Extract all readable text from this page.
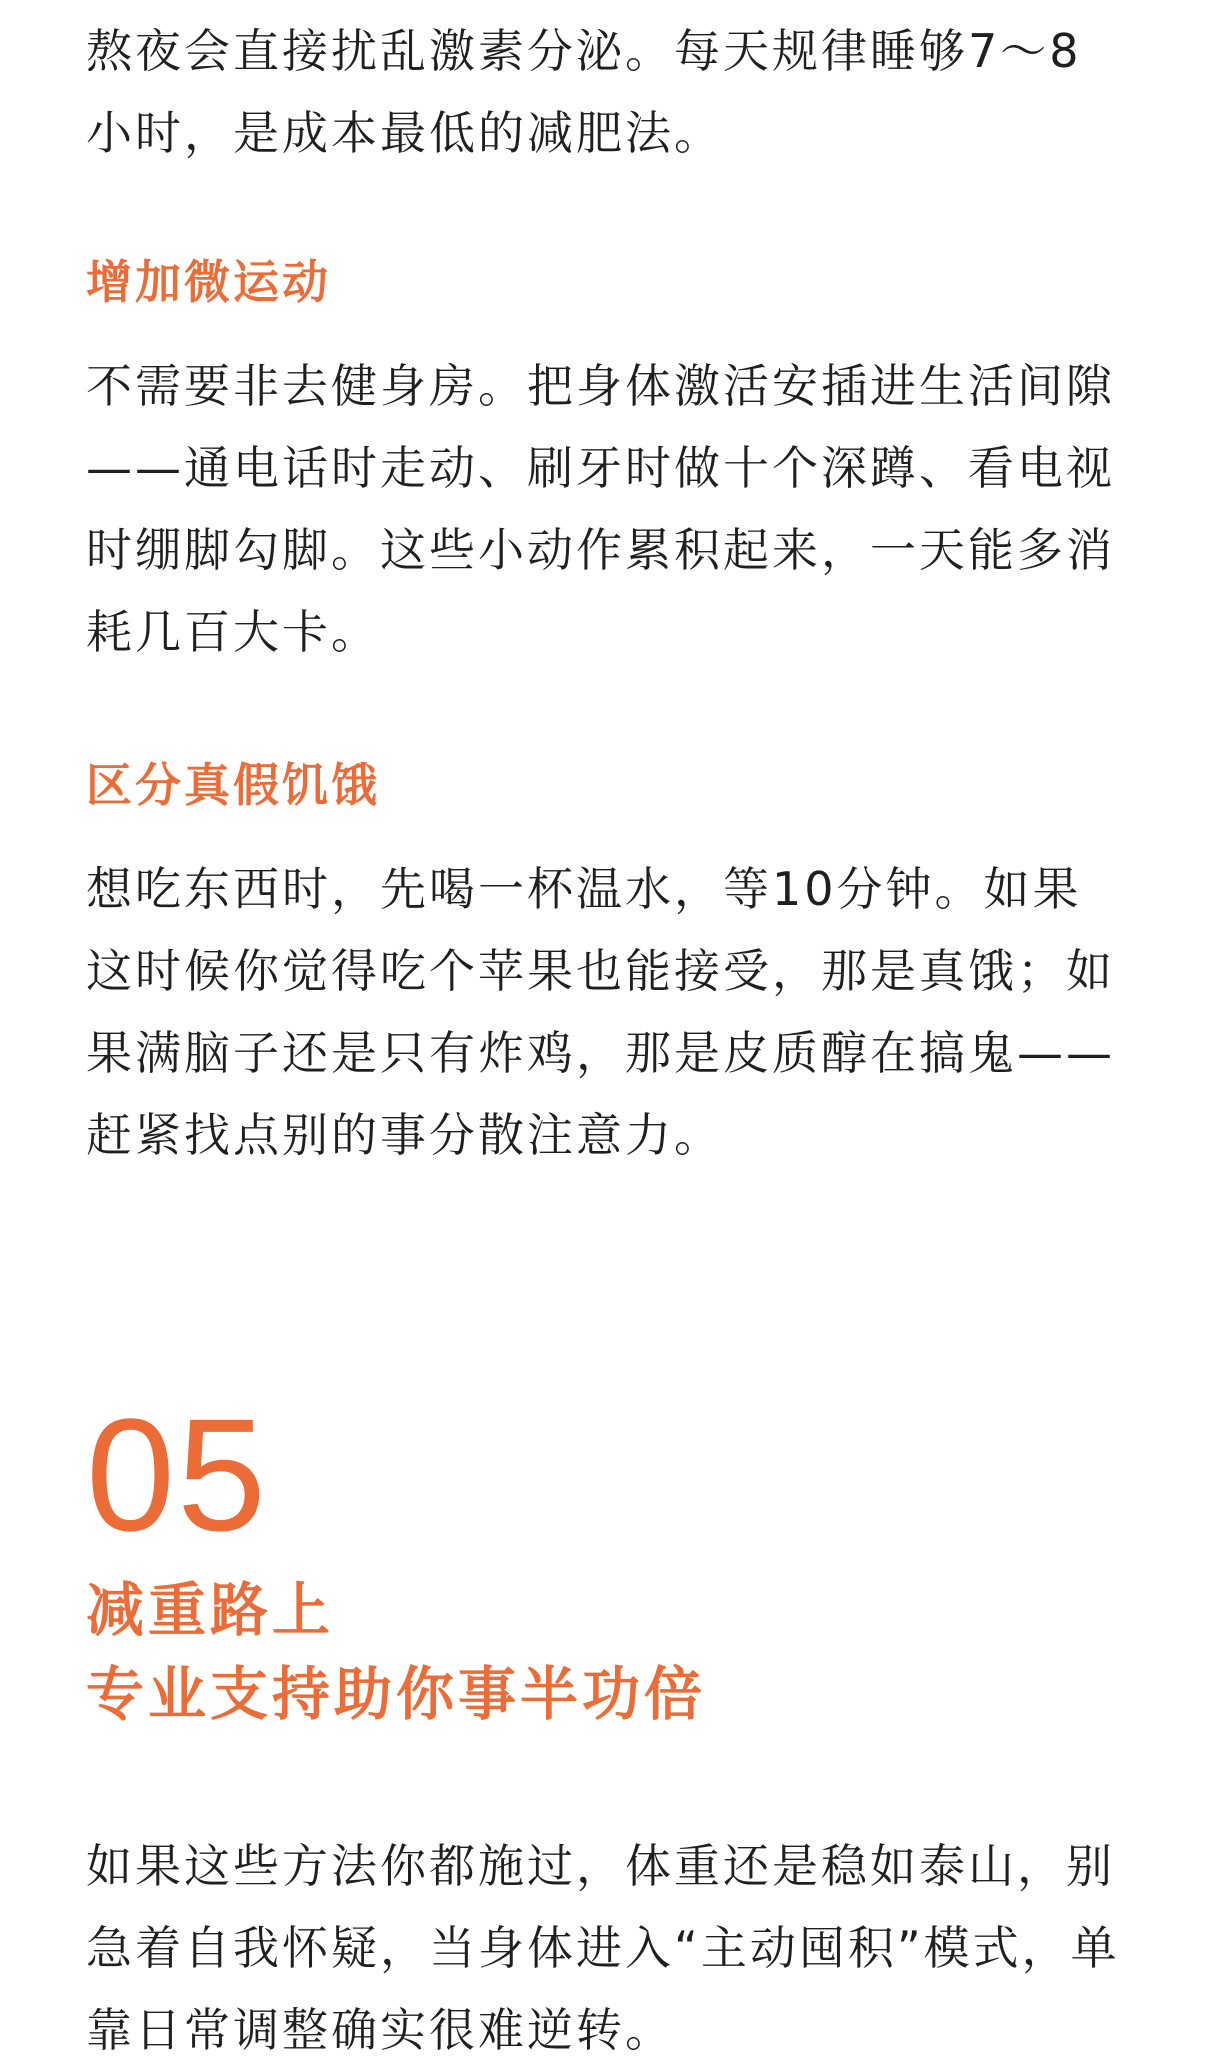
熬夜会直接扰乱激素分泌。每天规律睡够7～8小时，是成本最低的减肥法。

增加微运动

不需要非去健身房。把身体激活安插进生活间隙——通电话时走动、刷牙时做十个深蹲、看电视时绷脚勾脚。这些小动作累积起来，一天能多消耗几百大卡。

区分真假饥饿

想吃东西时，先喝一杯温水，等10分钟。如果这时候你觉得吃个苹果也能接受，那是真饿；如果满脑子还是只有炸鸡，那是皮质醇在搞鬼——赶紧找点别的事分散注意力。

05
减重路上
专业支持助你事半功倍

如果这些方法你都施过，体重还是稳如泰山，别急着自我怀疑，当身体进入“主动囤积”模式，单靠日常调整确实很难逆转。
